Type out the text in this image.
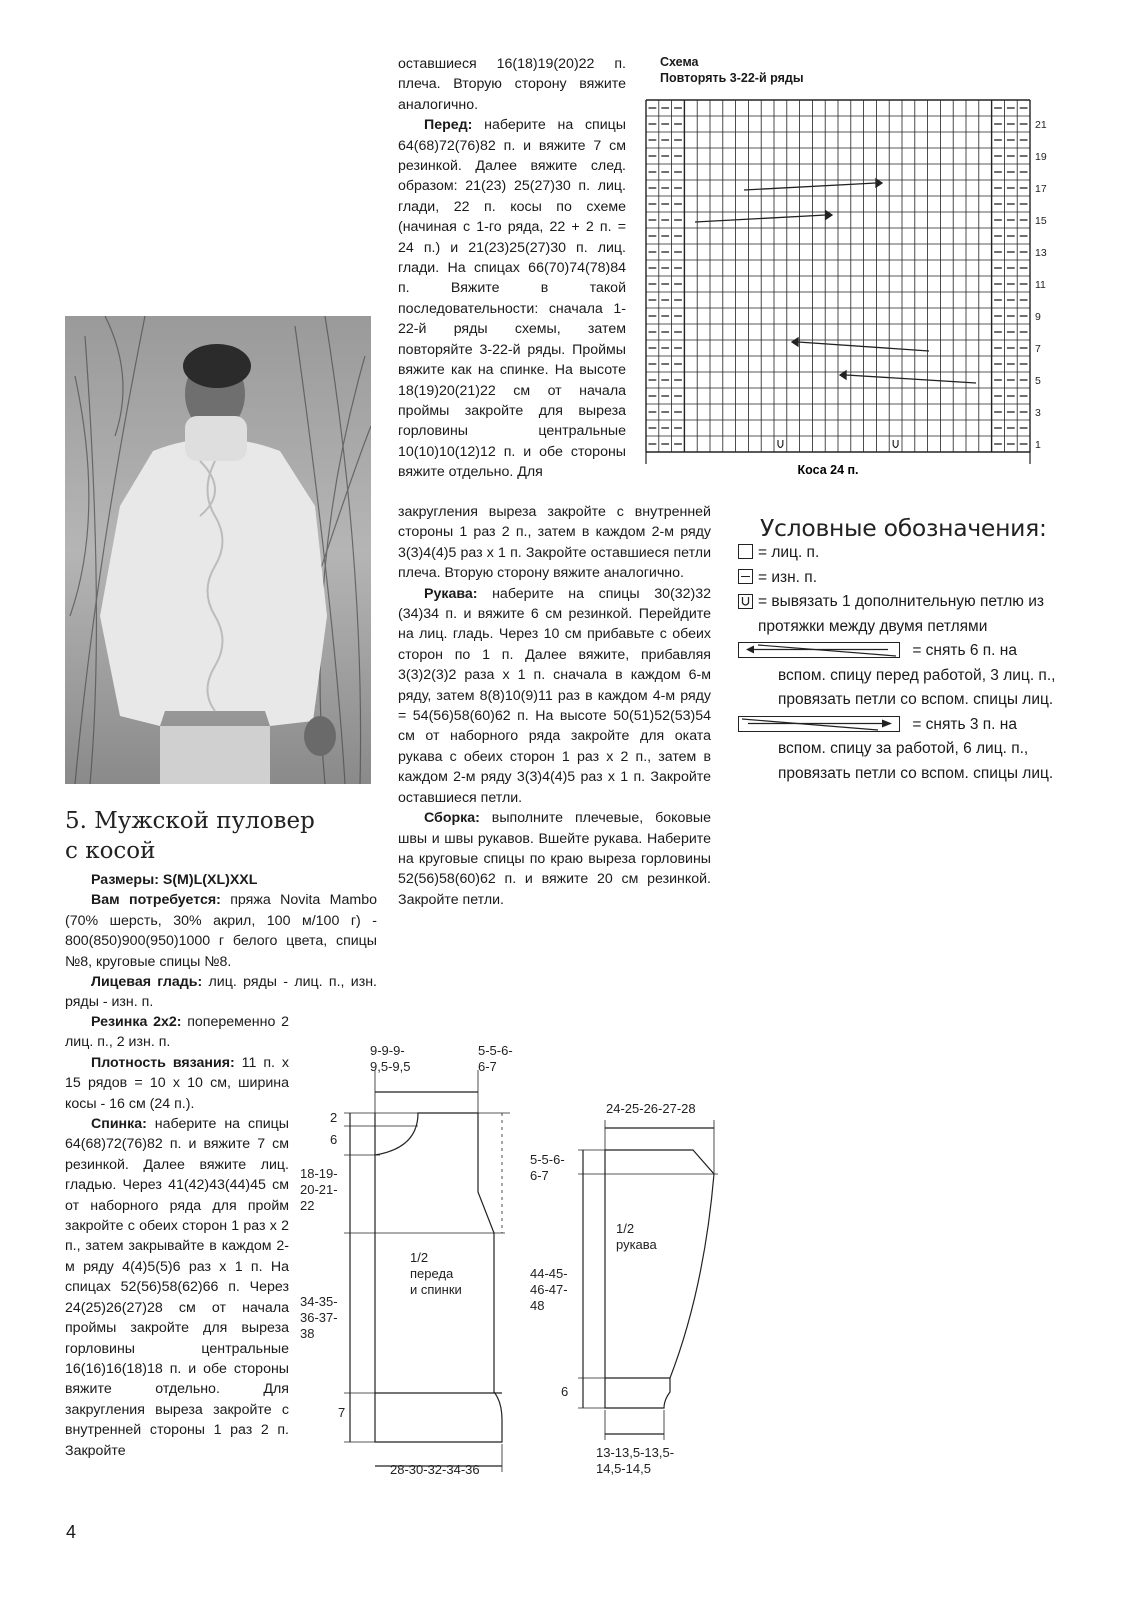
5. Мужской пуловер
с косой

Размеры: S(M)L(XL)XXL

Вам потребуется: пряжа Novita Mambo (70% шерсть, 30% акрил, 100 м/100 г) - 800(850)900(950)1000 г белого цвета, спицы №8, круговые спицы №8.

Лицевая гладь: лиц. ряды - лиц. п., изн. ряды - изн. п.

Резинка 2x2: попеременно 2 лиц. п., 2 изн. п.

Плотность вязания: 11 п. х 15 рядов = 10 х 10 см, ширина косы - 16 см (24 п.).

Спинка: наберите на спицы 64(68)72(76)82 п. и вяжите 7 см резинкой. Далее вяжите лиц. гладью. Через 41(42)43(44)45 см от наборного ряда для пройм закройте с обеих сторон 1 раз х 2 п., затем закрывайте в каждом 2-м ряду 4(4)5(5)6 раз х 1 п. На спицах 52(56)58(62)66 п. Через 24(25)26(27)28 см от начала проймы закройте для выреза горловины центральные 16(16)16(18)18 п. и обе стороны вяжите отдельно. Для закругления выреза закройте с внутренней стороны 1 раз 2 п. Закройте

4

оставшиеся 16(18)19(20)22 п. плеча. Вторую сторону вяжите аналогично.

Перед: наберите на спицы 64(68)72(76)82 п. и вяжите 7 см резинкой. Далее вяжите след. образом: 21(23) 25(27)30 п. лиц. глади, 22 п. косы по схеме (начиная с 1-го ряда, 22 + 2 п. = 24 п.) и 21(23)25(27)30 п. лиц. глади. На спицах 66(70)74(78)84 п. Вяжите в такой последовательности: сначала 1-22-й ряды схемы, затем повторяйте 3-22-й ряды. Проймы вяжите как на спинке. На высоте 18(19)20(21)22 см от начала проймы закройте для выреза горловины центральные 10(10)10(12)12 п. и обе стороны вяжите отдельно. Для

закругления выреза закройте с внутренней стороны 1 раз 2 п., затем в каждом 2-м ряду 3(3)4(4)5 раз х 1 п. Закройте оставшиеся петли плеча. Вторую сторону вяжите аналогично.

Рукава: наберите на спицы 30(32)32 (34)34 п. и вяжите 6 см резинкой. Перейдите на лиц. гладь. Через 10 см прибавьте с обеих сторон по 1 п. Далее вяжите, прибавляя 3(3)2(3)2 раза х 1 п. сначала в каждом 6-м ряду, затем 8(8)10(9)11 раз в каждом 4-м ряду = 54(56)58(60)62 п. На высоте 50(51)52(53)54 см от наборного ряда закройте для оката рукава с обеих сторон 1 раз х 2 п., затем в каждом 2-м ряду 3(3)4(4)5 раз х 1 п. Закройте оставшиеся петли.

Сборка: выполните плечевые, боковые швы и швы рукавов. Вшейте рукава. Наберите на круговые спицы по краю выреза горловины 52(56)58(60)62 п. и вяжите 20 см резинкой. Закройте петли.

Схема
Повторять 3-22-й ряды
1
3
5
7
9
11
13
15
17
19
21
Коса 24 п.
Условные обозначения:
= лиц. п.
= изн. п.
= вывязать 1 дополнительную петлю из протяжки между двумя петлями
= снять 6 п. на
вспом. спицу перед работой, 3 лиц. п., провязать петли со вспом. спицы лиц.
= снять 3 п. на
вспом. спицу за работой, 6 лиц. п., провязать петли со вспом. спицы лиц.
9-9-9-
9,5-9,5
5-5-6-
6-7
2
6
18-19-
20-21-
22
34-35-
36-37-
38
7
28-30-32-34-36
1/2
переда
и спинки
24-25-26-27-28
5-5-6-
6-7
44-45-
46-47-
48
6
13-13,5-13,5-
14,5-14,5
1/2
рукава
